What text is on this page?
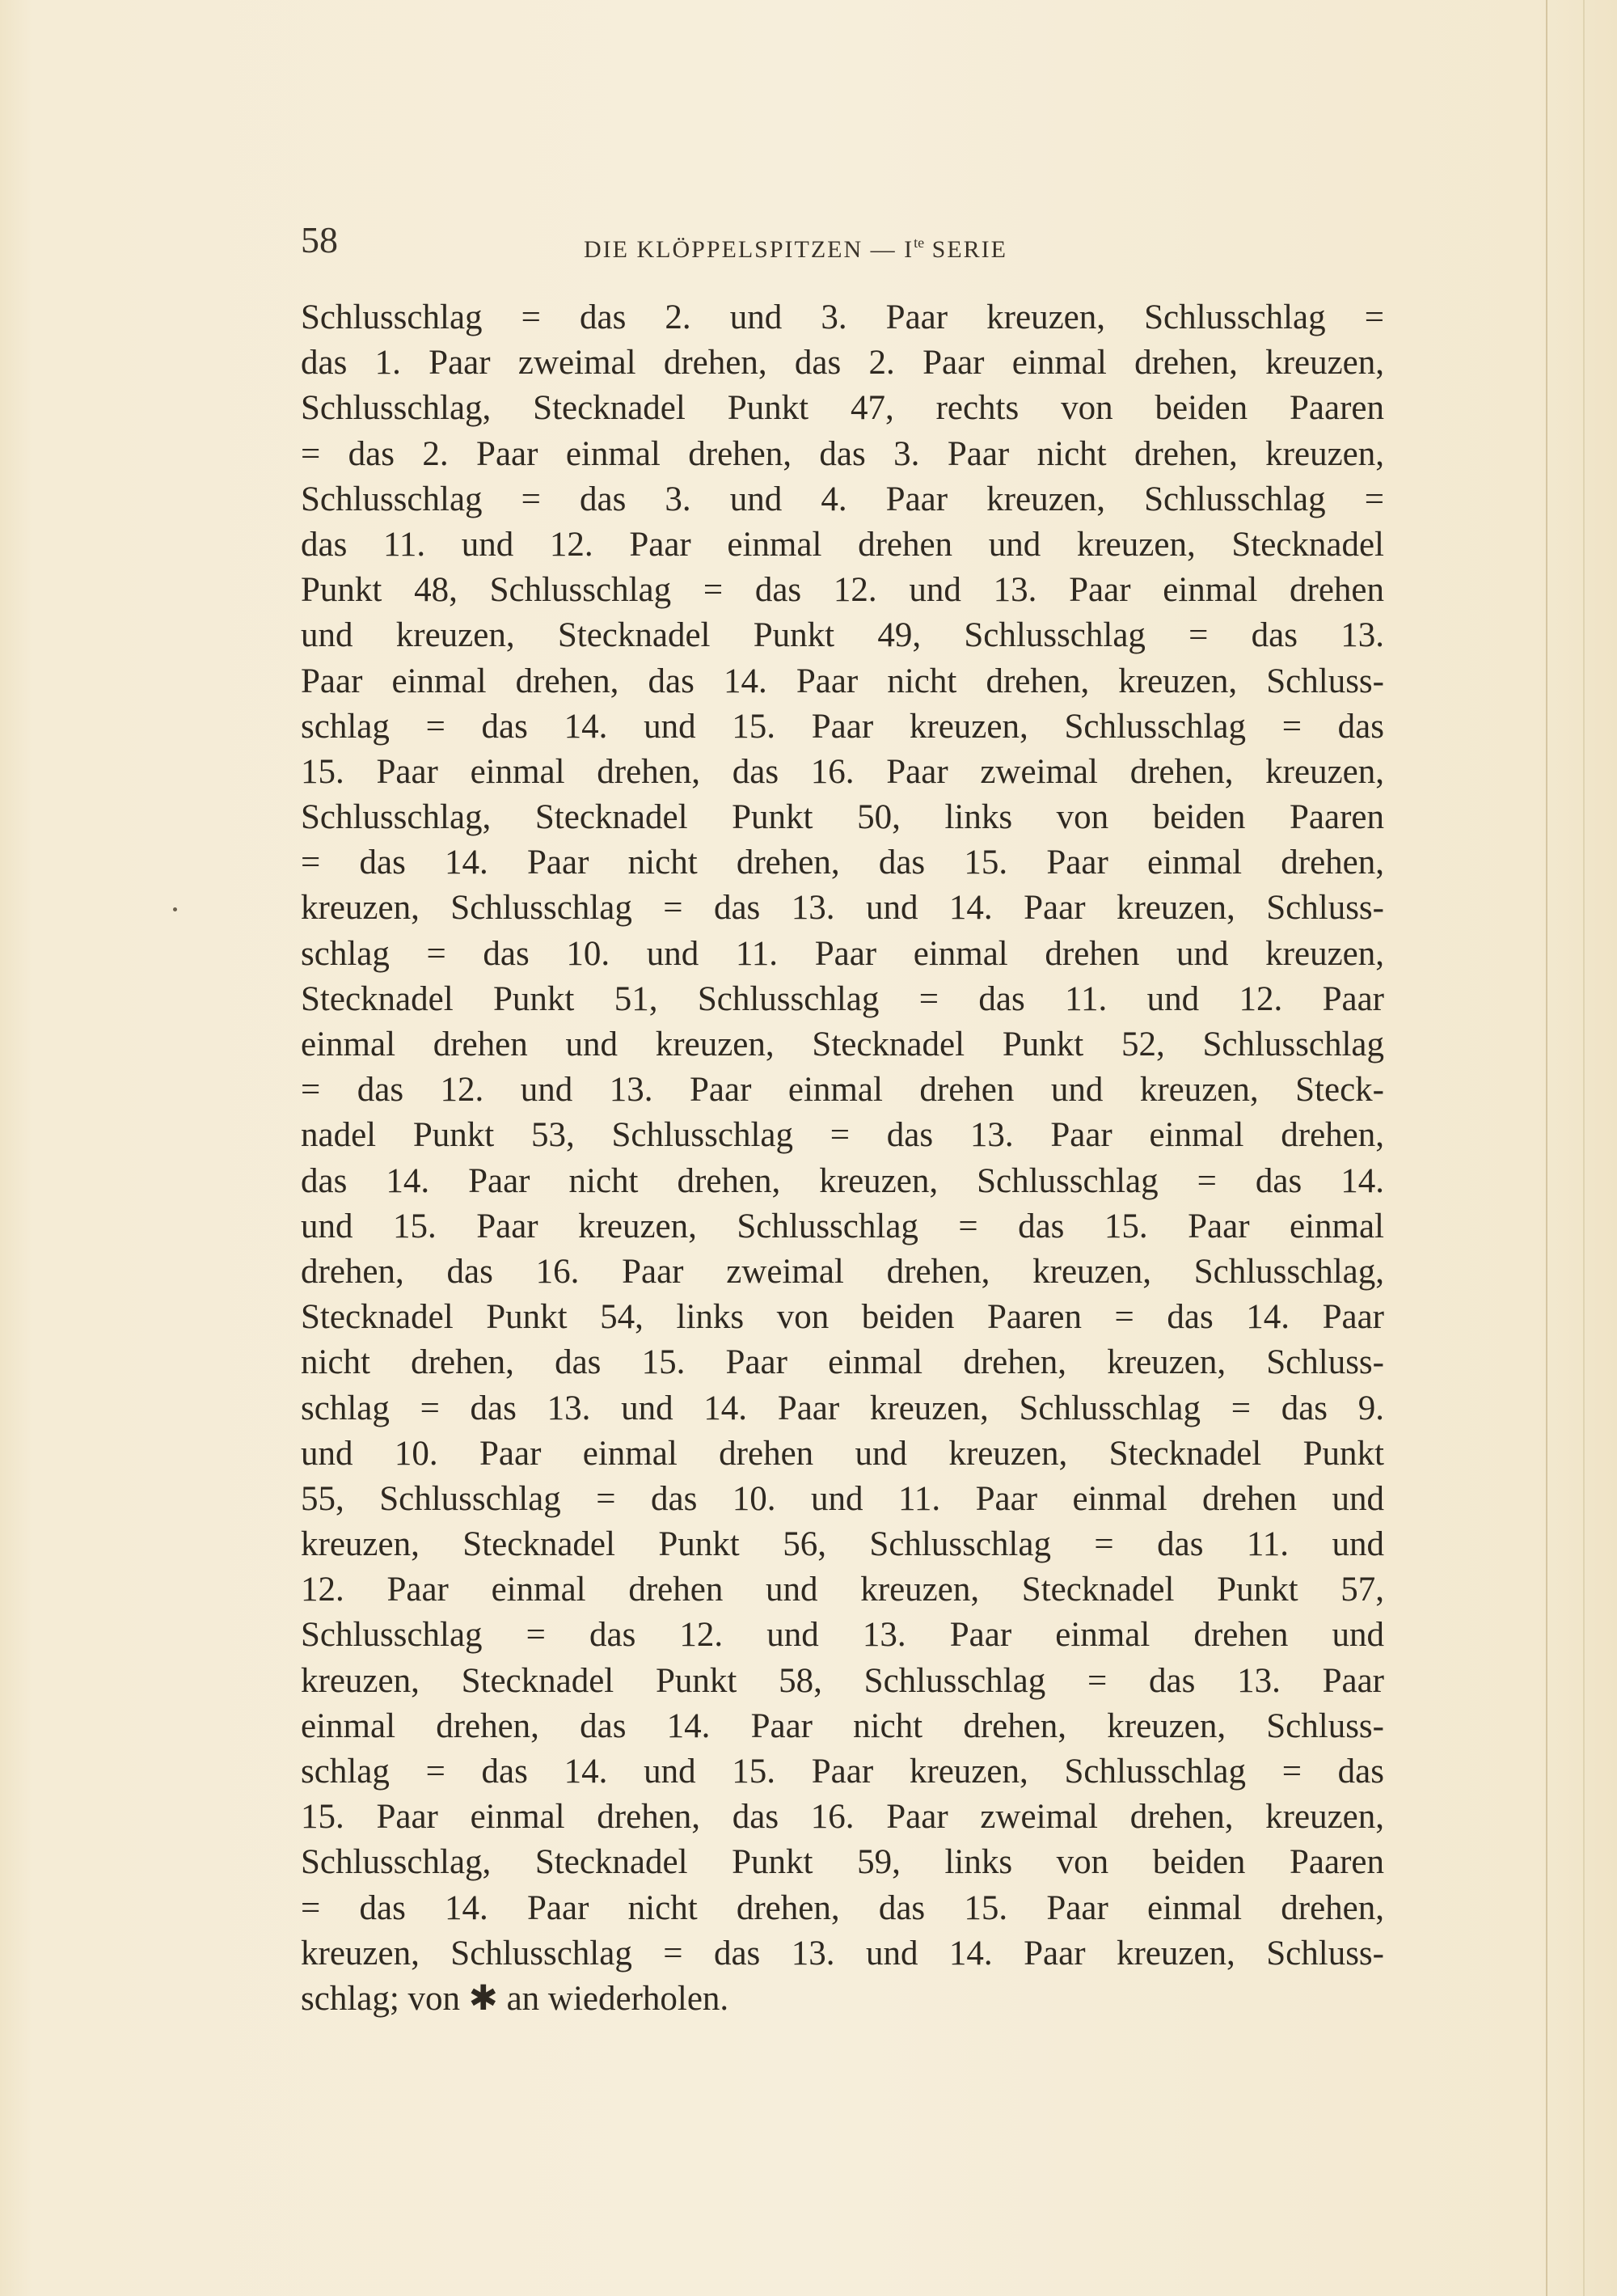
58	DIE KLÖPPELSPITZEN — $I^{te}$ SERIE
Schlusschlag = das 2. und 3. Paar kreuzen, Schlusschlag =
das 1. Paar zweimal drehen, das 2. Paar einmal drehen, kreuzen,
Schlusschlag, Stecknadel Punkt 47, rechts von beiden Paaren
= das 2. Paar einmal drehen, das 3. Paar nicht drehen, kreuzen,
Schlusschlag = das 3. und 4. Paar kreuzen, Schlusschlag =
das 11. und 12. Paar einmal drehen und kreuzen, Stecknadel
Punkt 48, Schlusschlag = das 12. und 13. Paar einmal drehen
und kreuzen, Stecknadel Punkt 49, Schlusschlag = das 13.
Paar einmal drehen, das 14. Paar nicht drehen, kreuzen, Schluss-
schlag = das 14. und 15. Paar kreuzen, Schlusschlag = das
15. Paar einmal drehen, das 16. Paar zweimal drehen, kreuzen,
Schlusschlag, Stecknadel Punkt 50, links von beiden Paaren
= das 14. Paar nicht drehen, das 15. Paar einmal drehen,
kreuzen, Schlusschlag = das 13. und 14. Paar kreuzen, Schluss-
schlag = das 10. und 11. Paar einmal drehen und kreuzen,
Stecknadel Punkt 51, Schlusschlag = das 11. und 12. Paar
einmal drehen und kreuzen, Stecknadel Punkt 52, Schlusschlag
= das 12. und 13. Paar einmal drehen und kreuzen, Steck-
nadel Punkt 53, Schlusschlag = das 13. Paar einmal drehen,
das 14. Paar nicht drehen, kreuzen, Schlusschlag = das 14.
und 15. Paar kreuzen, Schlusschlag = das 15. Paar einmal
drehen, das 16. Paar zweimal drehen, kreuzen, Schlusschlag,
Stecknadel Punkt 54, links von beiden Paaren = das 14. Paar
nicht drehen, das 15. Paar einmal drehen, kreuzen, Schluss-
schlag = das 13. und 14. Paar kreuzen, Schlusschlag = das 9.
und 10. Paar einmal drehen und kreuzen, Stecknadel Punkt
55, Schlusschlag = das 10. und 11. Paar einmal drehen und
kreuzen, Stecknadel Punkt 56, Schlusschlag = das 11. und
12. Paar einmal drehen und kreuzen, Stecknadel Punkt 57,
Schlusschlag = das 12. und 13. Paar einmal drehen und
kreuzen, Stecknadel Punkt 58, Schlusschlag = das 13. Paar
einmal drehen, das 14. Paar nicht drehen, kreuzen, Schluss-
schlag = das 14. und 15. Paar kreuzen, Schlusschlag = das
15. Paar einmal drehen, das 16. Paar zweimal drehen, kreuzen,
Schlusschlag, Stecknadel Punkt 59, links von beiden Paaren
= das 14. Paar nicht drehen, das 15. Paar einmal drehen,
kreuzen, Schlusschlag = das 13. und 14. Paar kreuzen, Schluss-
schlag; von ✱ an wiederholen.
